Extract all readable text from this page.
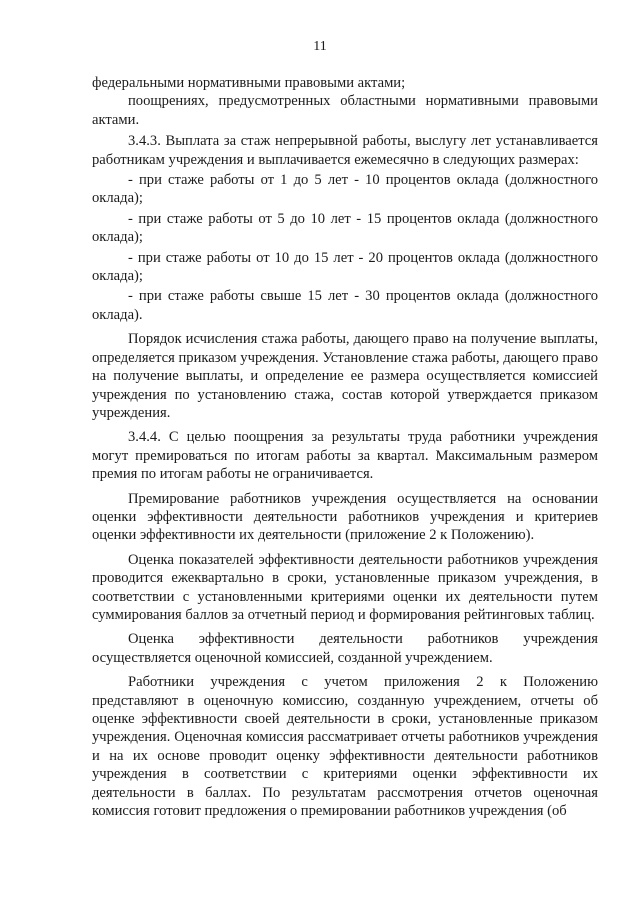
11

федеральными нормативными правовыми актами;

поощрениях, предусмотренных областными нормативными правовыми актами.

3.4.3. Выплата за стаж непрерывной работы, выслугу лет устанавливается работникам учреждения и выплачивается ежемесячно в следующих размерах:

- при стаже работы от 1 до 5 лет - 10 процентов оклада (должностного оклада);

- при стаже работы от 5 до 10 лет - 15 процентов оклада (должностного оклада);

- при стаже работы от 10 до 15 лет - 20 процентов оклада (должностного оклада);

- при стаже работы свыше 15 лет - 30 процентов оклада (должностного оклада).

Порядок исчисления стажа работы, дающего право на получение выплаты, определяется приказом учреждения. Установление стажа работы, дающего право на получение выплаты, и определение ее размера осуществляется комиссией учреждения по установлению стажа, состав которой утверждается приказом учреждения.

3.4.4. С целью поощрения за результаты труда работники учреждения могут премироваться по итогам работы за квартал. Максимальным размером премия по итогам работы не ограничивается.

Премирование работников учреждения осуществляется на основании оценки эффективности деятельности работников учреждения и критериев оценки эффективности их деятельности (приложение 2 к Положению).

Оценка показателей эффективности деятельности работников учреждения проводится ежеквартально в сроки, установленные приказом учреждения, в соответствии с установленными критериями оценки их деятельности путем суммирования баллов за отчетный период и формирования рейтинговых таблиц.

Оценка эффективности деятельности работников учреждения осуществляется оценочной комиссией, созданной учреждением.

Работники учреждения с учетом приложения 2 к Положению представляют в оценочную комиссию, созданную учреждением, отчеты об оценке эффективности своей деятельности в сроки, установленные приказом учреждения. Оценочная комиссия рассматривает отчеты работников учреждения и на их основе проводит оценку эффективности деятельности работников учреждения в соответствии с критериями оценки эффективности их деятельности в баллах. По результатам рассмотрения отчетов оценочная комиссия готовит предложения о премировании работников учреждения (об
